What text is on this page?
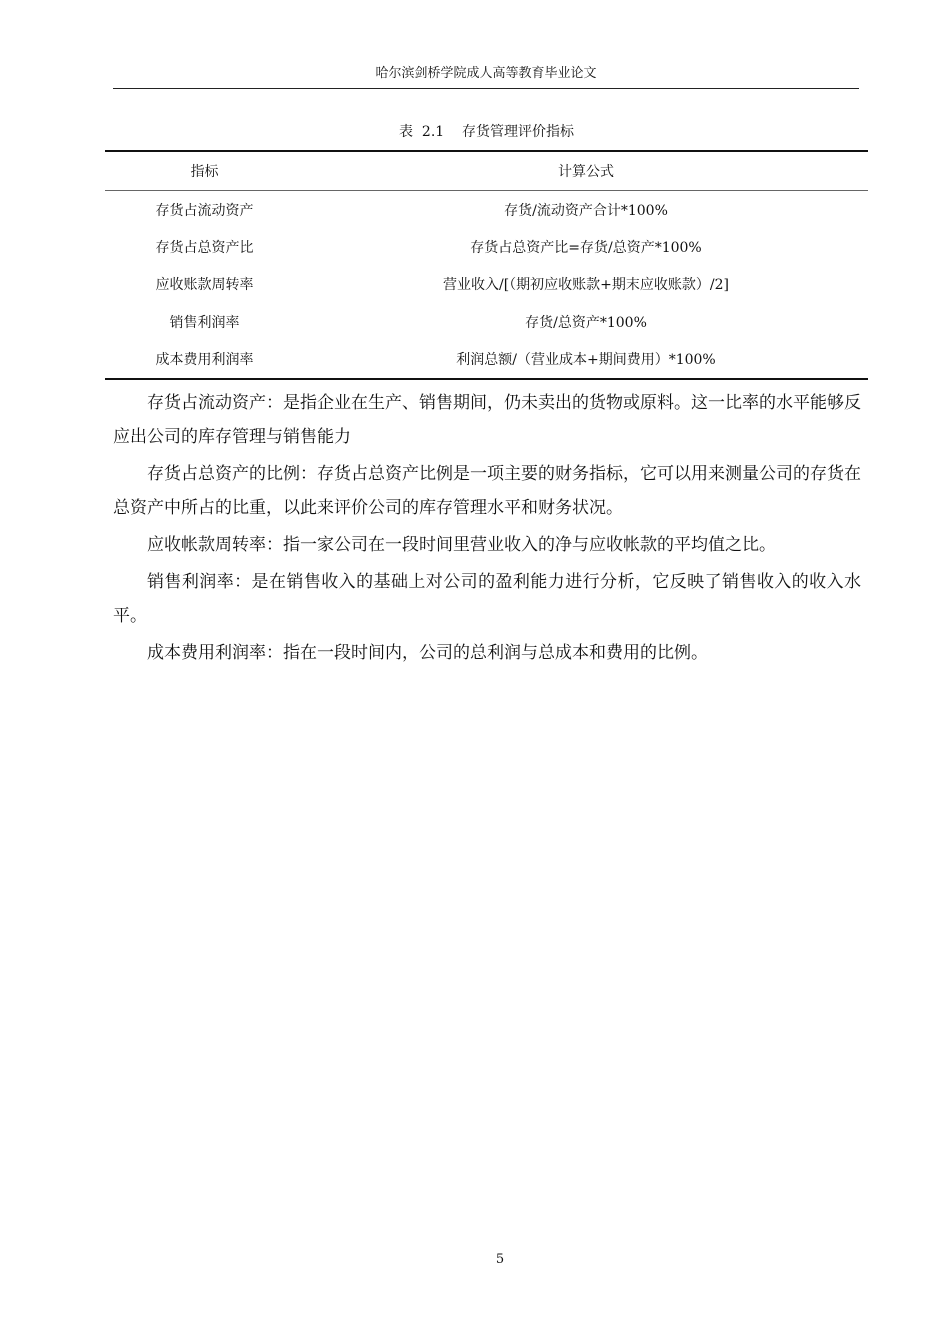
哈尔滨剑桥学院成人高等教育毕业论文
表  2.1    存货管理评价指标
指标	计算公式
存货占流动资产	存货/流动资产合计*100%
存货占总资产比	存货占总资产比=存货/总资产*100%
应收账款周转率	营业收入/[（期初应收账款+期末应收账款）/2]
销售利润率	存货/总资产*100%
成本费用利润率	利润总额/（营业成本+期间费用）*100%

存货占流动资产：是指企业在生产、销售期间，仍未卖出的货物或原料。这一比率的水平能够反应出公司的库存管理与销售能力

存货占总资产的比例：存货占总资产比例是一项主要的财务指标，它可以用来测量公司的存货在总资产中所占的比重，以此来评价公司的库存管理水平和财务状况。

应收帐款周转率：指一家公司在一段时间里营业收入的净与应收帐款的平均值之比。

销售利润率：是在销售收入的基础上对公司的盈利能力进行分析，它反映了销售收入的收入水平。

成本费用利润率：指在一段时间内，公司的总利润与总成本和费用的比例。

5
